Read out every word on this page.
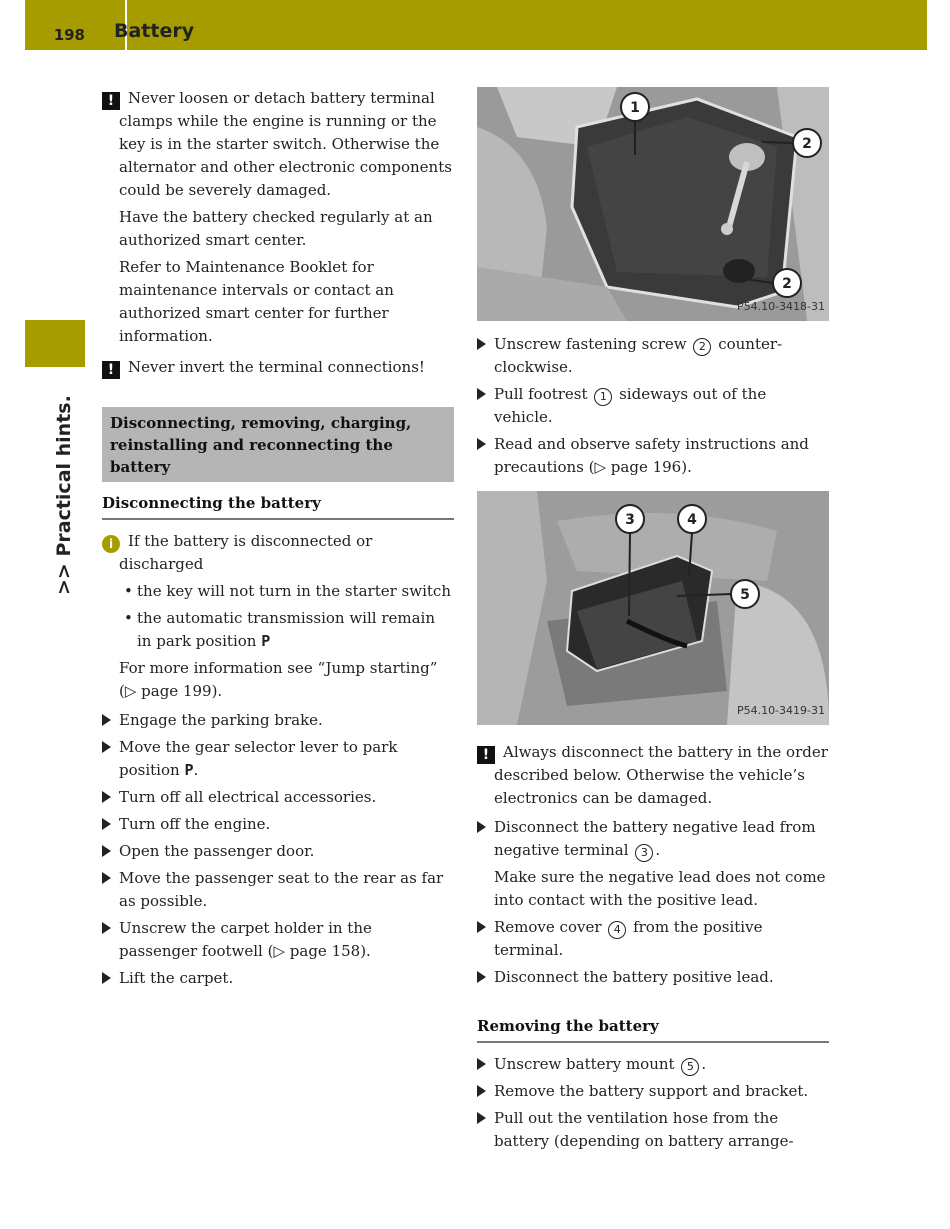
198	Battery
>> Practical hints.

! Never loosen or detach battery terminal clamps while the engine is running or the key is in the starter switch. Otherwise the alternator and other electronic components could be severely damaged.

Have the battery checked regularly at an authorized smart center.

Refer to Maintenance Booklet for maintenance intervals or contact an authorized smart center for further information.

! Never invert the terminal connections!

Disconnecting, removing, charging, reinstalling and reconnecting the battery
Disconnecting the battery

i If the battery is disconnected or discharged

• the key will not turn in the starter switch
• the automatic transmission will remain in park position P

For more information see “Jump starting” (▷ page 199).

Engage the parking brake.
Move the gear selector lever to park position P.
Turn off all electrical accessories.
Turn off the engine.
Open the passenger door.
Move the passenger seat to the rear as far as possible.
Unscrew the carpet holder in the passenger footwell (▷ page 158).
Lift the carpet.
1
2
2
P54.10-3418-31
Unscrew fastening screw 2 counter-clockwise.
Pull footrest 1 sideways out of the vehicle.
Read and observe safety instructions and precautions (▷ page 196).
3	4
5
P54.10-3419-31

! Always disconnect the battery in the order described below. Otherwise the vehicle’s electronics can be damaged.

Disconnect the battery negative lead from negative terminal 3 .

Make sure the negative lead does not come into contact with the positive lead.

Remove cover 4 from the positive terminal.
Disconnect the battery positive lead.
Removing the battery
Unscrew battery mount 5 .
Remove the battery support and bracket.
Pull out the ventilation hose from the battery (depending on battery arrange-
